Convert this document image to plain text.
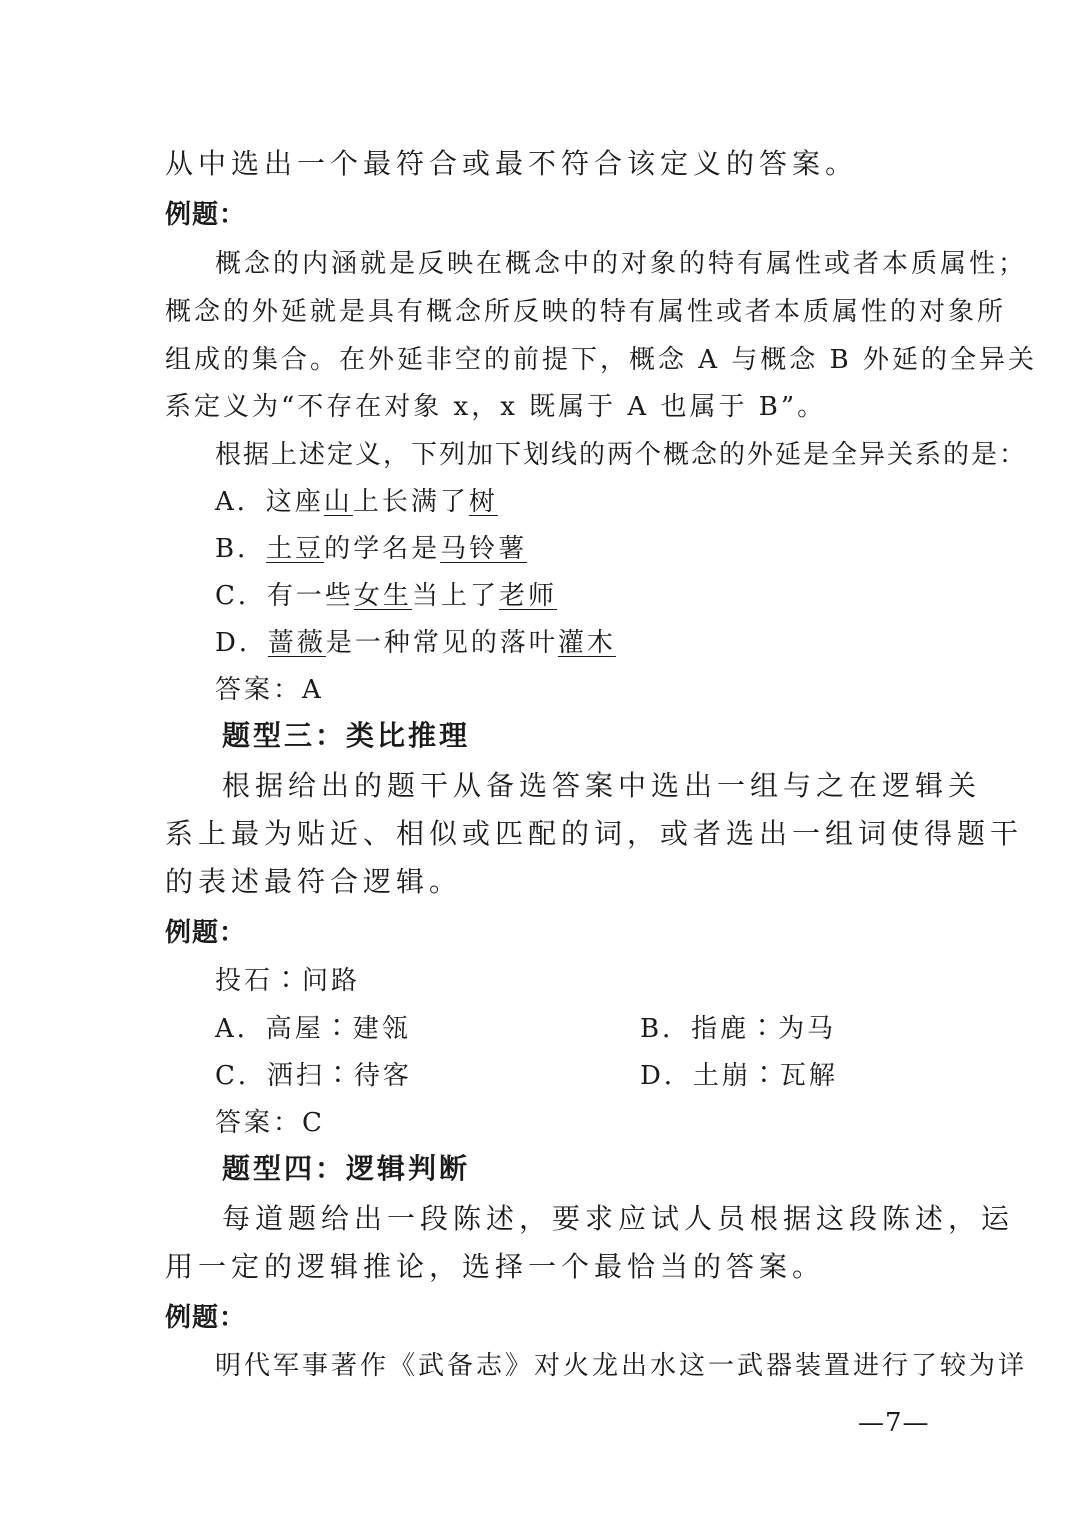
从中选出一个最符合或最不符合该定义的答案。
例题：
概念的内涵就是反映在概念中的对象的特有属性或者本质属性；
概念的外延就是具有概念所反映的特有属性或者本质属性的对象所
组成的集合。在外延非空的前提下，概念 A 与概念 B 外延的全异关
系定义为“不存在对象 x，x 既属于 A 也属于 B”。
根据上述定义，下列加下划线的两个概念的外延是全异关系的是：
A．这座山上长满了树
B．土豆的学名是马铃薯
C．有一些女生当上了老师
D．蔷薇是一种常见的落叶灌木
答案：A
题型三：类比推理
根据给出的题干从备选答案中选出一组与之在逻辑关
系上最为贴近、相似或匹配的词，或者选出一组词使得题干
的表述最符合逻辑。
例题：
投石∶问路
A．高屋∶建瓴	B．指鹿∶为马
C．洒扫∶待客	D．土崩∶瓦解
答案：C
题型四：逻辑判断
每道题给出一段陈述，要求应试人员根据这段陈述，运
用一定的逻辑推论，选择一个最恰当的答案。
例题：
明代军事著作《武备志》对火龙出水这一武器装置进行了较为详
—7—
